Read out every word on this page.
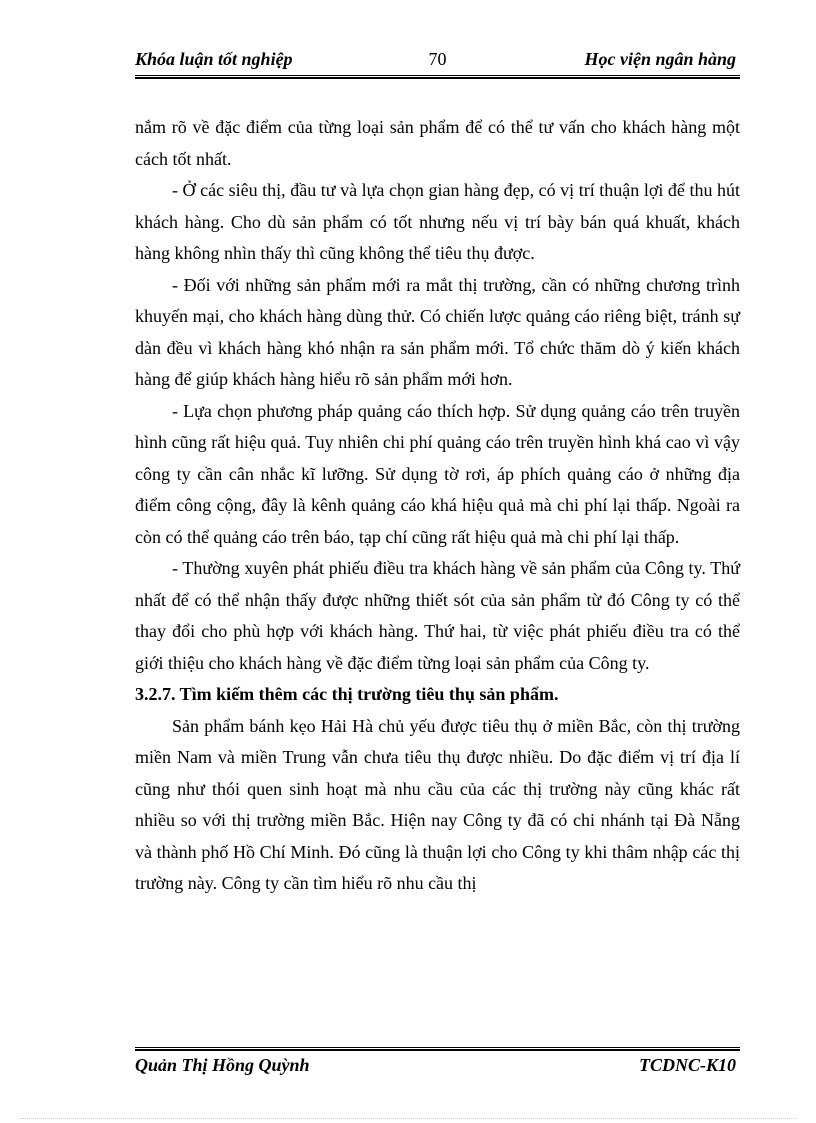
Khóa luận tốt nghiệp	70	Học viện ngân hàng

nắm rõ về đặc điểm của từng loại sản phẩm để có thể tư vấn cho khách hàng một cách tốt nhất.

- Ở các siêu thị, đầu tư và lựa chọn gian hàng đẹp, có vị trí thuận lợi để thu hút khách hàng. Cho dù sản phẩm có tốt nhưng nếu vị trí bày bán quá khuất, khách hàng không nhìn thấy thì cũng không thể tiêu thụ được.

- Đối với những sản phẩm mới ra mắt thị trường, cần có những chương trình khuyến mại, cho khách hàng dùng thử. Có chiến lược quảng cáo riêng biệt, tránh sự dàn đều vì khách hàng khó nhận ra sản phẩm mới. Tổ chức thăm dò ý kiến khách hàng để giúp khách hàng hiểu rõ sản phẩm mới hơn.

- Lựa chọn phương pháp quảng cáo thích hợp. Sử dụng quảng cáo trên truyền hình cũng rất hiệu quả. Tuy nhiên chi phí quảng cáo trên truyền hình khá cao vì vậy công ty cần cân nhắc kĩ lưỡng. Sử dụng tờ rơi, áp phích quảng cáo ở những địa điểm công cộng, đây là kênh quảng cáo khá hiệu quả mà chi phí lại thấp. Ngoài ra còn có thể quảng cáo trên báo, tạp chí cũng rất hiệu quả mà chi phí lại thấp.

- Thường xuyên phát phiếu điều tra khách hàng về sản phẩm của Công ty. Thứ nhất để có thể nhận thấy được những thiết sót của sản phẩm từ đó Công ty có thể thay đổi cho phù hợp với khách hàng. Thứ hai, từ việc phát phiếu điều tra có thể giới thiệu cho khách hàng về đặc điểm từng loại sản phẩm của Công ty.

3.2.7. Tìm kiếm thêm các thị trường tiêu thụ sản phẩm.

Sản phẩm bánh kẹo Hải Hà chủ yếu được tiêu thụ ở miền Bắc, còn thị trường miền Nam và miền Trung vẫn chưa tiêu thụ được nhiều. Do đặc điểm vị trí địa lí cũng như thói quen sinh hoạt mà nhu cầu của các thị trường này cũng khác rất nhiều so với thị trường miền Bắc. Hiện nay Công ty đã có chi nhánh tại Đà Nẵng và thành phố Hồ Chí Minh. Đó cũng là thuận lợi cho Công ty khi thâm nhập các thị trường này. Công ty cần tìm hiểu rõ nhu cầu thị

Quản Thị Hồng Quỳnh	TCDNC-K10
